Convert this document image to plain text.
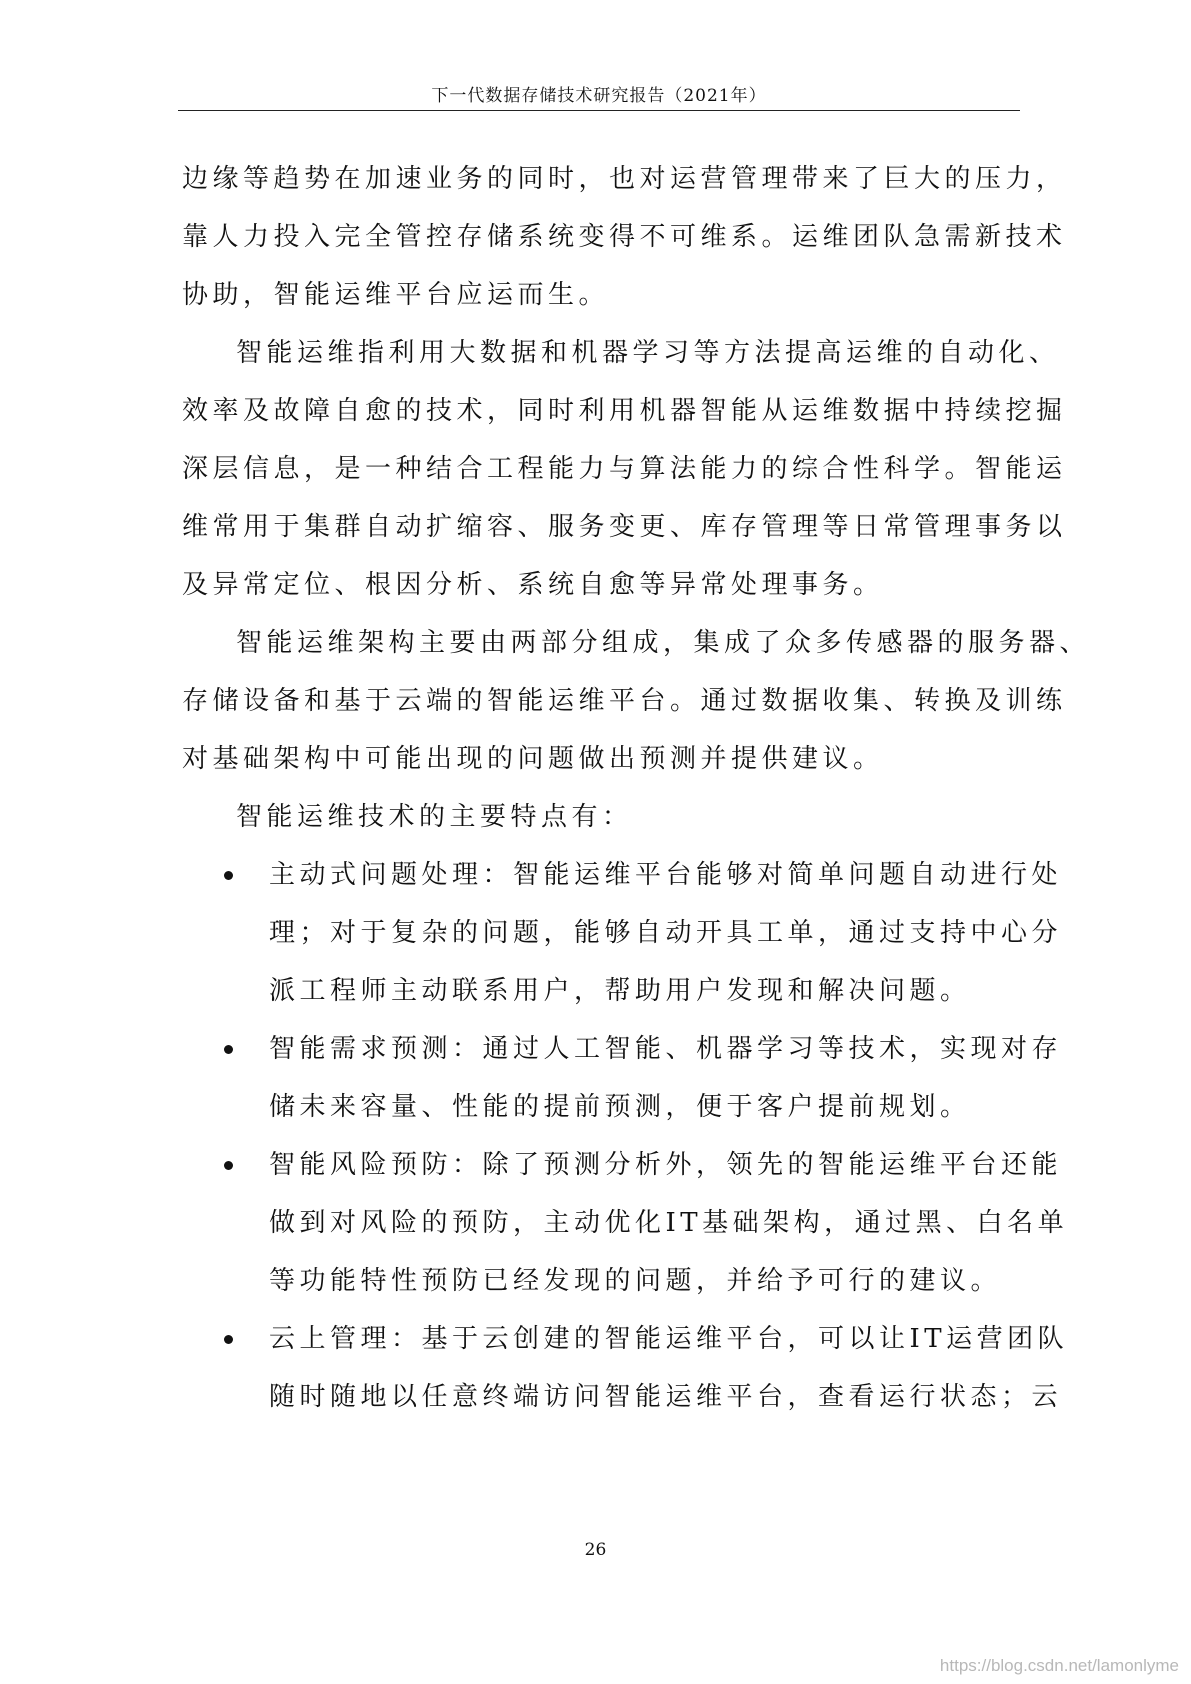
下一代数据存储技术研究报告（2021年）
边缘等趋势在加速业务的同时，也对运营管理带来了巨大的压力，
靠人力投入完全管控存储系统变得不可维系。运维团队急需新技术
协助，智能运维平台应运而生。
智能运维指利用大数据和机器学习等方法提高运维的自动化、
效率及故障自愈的技术，同时利用机器智能从运维数据中持续挖掘
深层信息，是一种结合工程能力与算法能力的综合性科学。智能运
维常用于集群自动扩缩容、服务变更、库存管理等日常管理事务以
及异常定位、根因分析、系统自愈等异常处理事务。
智能运维架构主要由两部分组成，集成了众多传感器的服务器、
存储设备和基于云端的智能运维平台。通过数据收集、转换及训练
对基础架构中可能出现的问题做出预测并提供建议。
智能运维技术的主要特点有：
主动式问题处理：智能运维平台能够对简单问题自动进行处
理；对于复杂的问题，能够自动开具工单，通过支持中心分
派工程师主动联系用户，帮助用户发现和解决问题。
智能需求预测：通过人工智能、机器学习等技术，实现对存
储未来容量、性能的提前预测，便于客户提前规划。
智能风险预防：除了预测分析外，领先的智能运维平台还能
做到对风险的预防，主动优化IT基础架构，通过黑、白名单
等功能特性预防已经发现的问题，并给予可行的建议。
云上管理：基于云创建的智能运维平台，可以让IT运营团队
随时随地以任意终端访问智能运维平台，查看运行状态；云
26
https://blog.csdn.net/lamonlyme
